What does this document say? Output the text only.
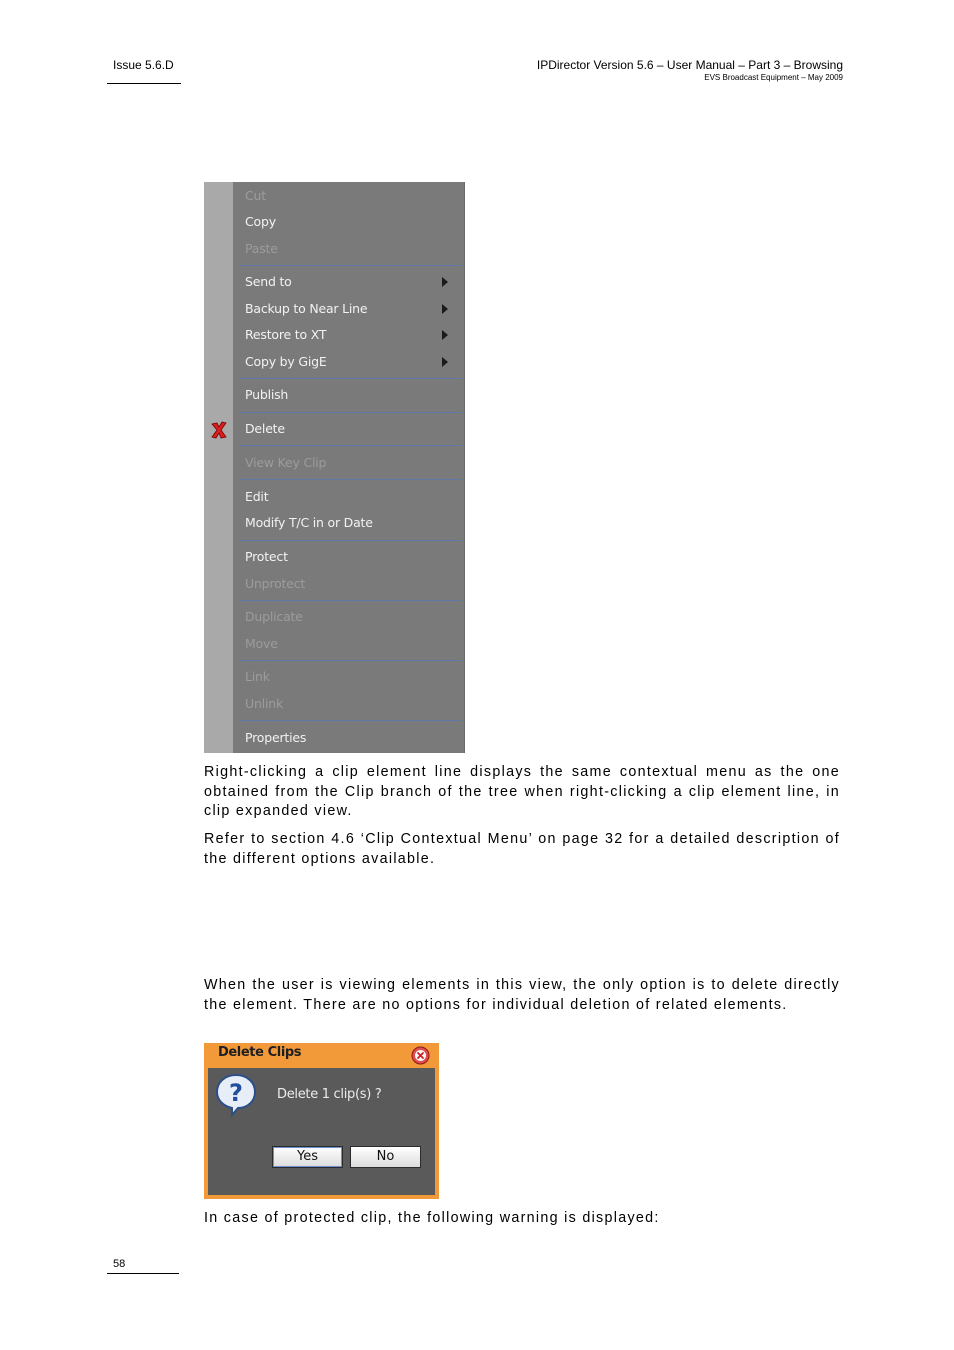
Issue 5.6.D	IPDirector Version 5.6 – User Manual – Part 3 – Browsing
EVS Broadcast Equipment – May 2009
Cut
Copy
Paste
Send to
Backup to Near Line
Restore to XT
Copy by GigE
Publish
Delete
View Key Clip
Edit
Modify T/C in or Date
Protect
Unprotect
Duplicate
Move
Link
Unlink
Properties
Right-clicking a clip element line displays the same contextual menu as the one obtained from the Clip branch of the tree when right-clicking a clip element line, in clip expanded view.
Refer to section 4.6 ‘Clip Contextual Menu’ on page 32 for a detailed description of the different options available.
When the user is viewing elements in this view, the only option is to delete directly the element. There are no options for individual deletion of related elements.
Delete Clips
?	Delete 1 clip(s) ?
Yes	No
In case of protected clip, the following warning is displayed:
58
